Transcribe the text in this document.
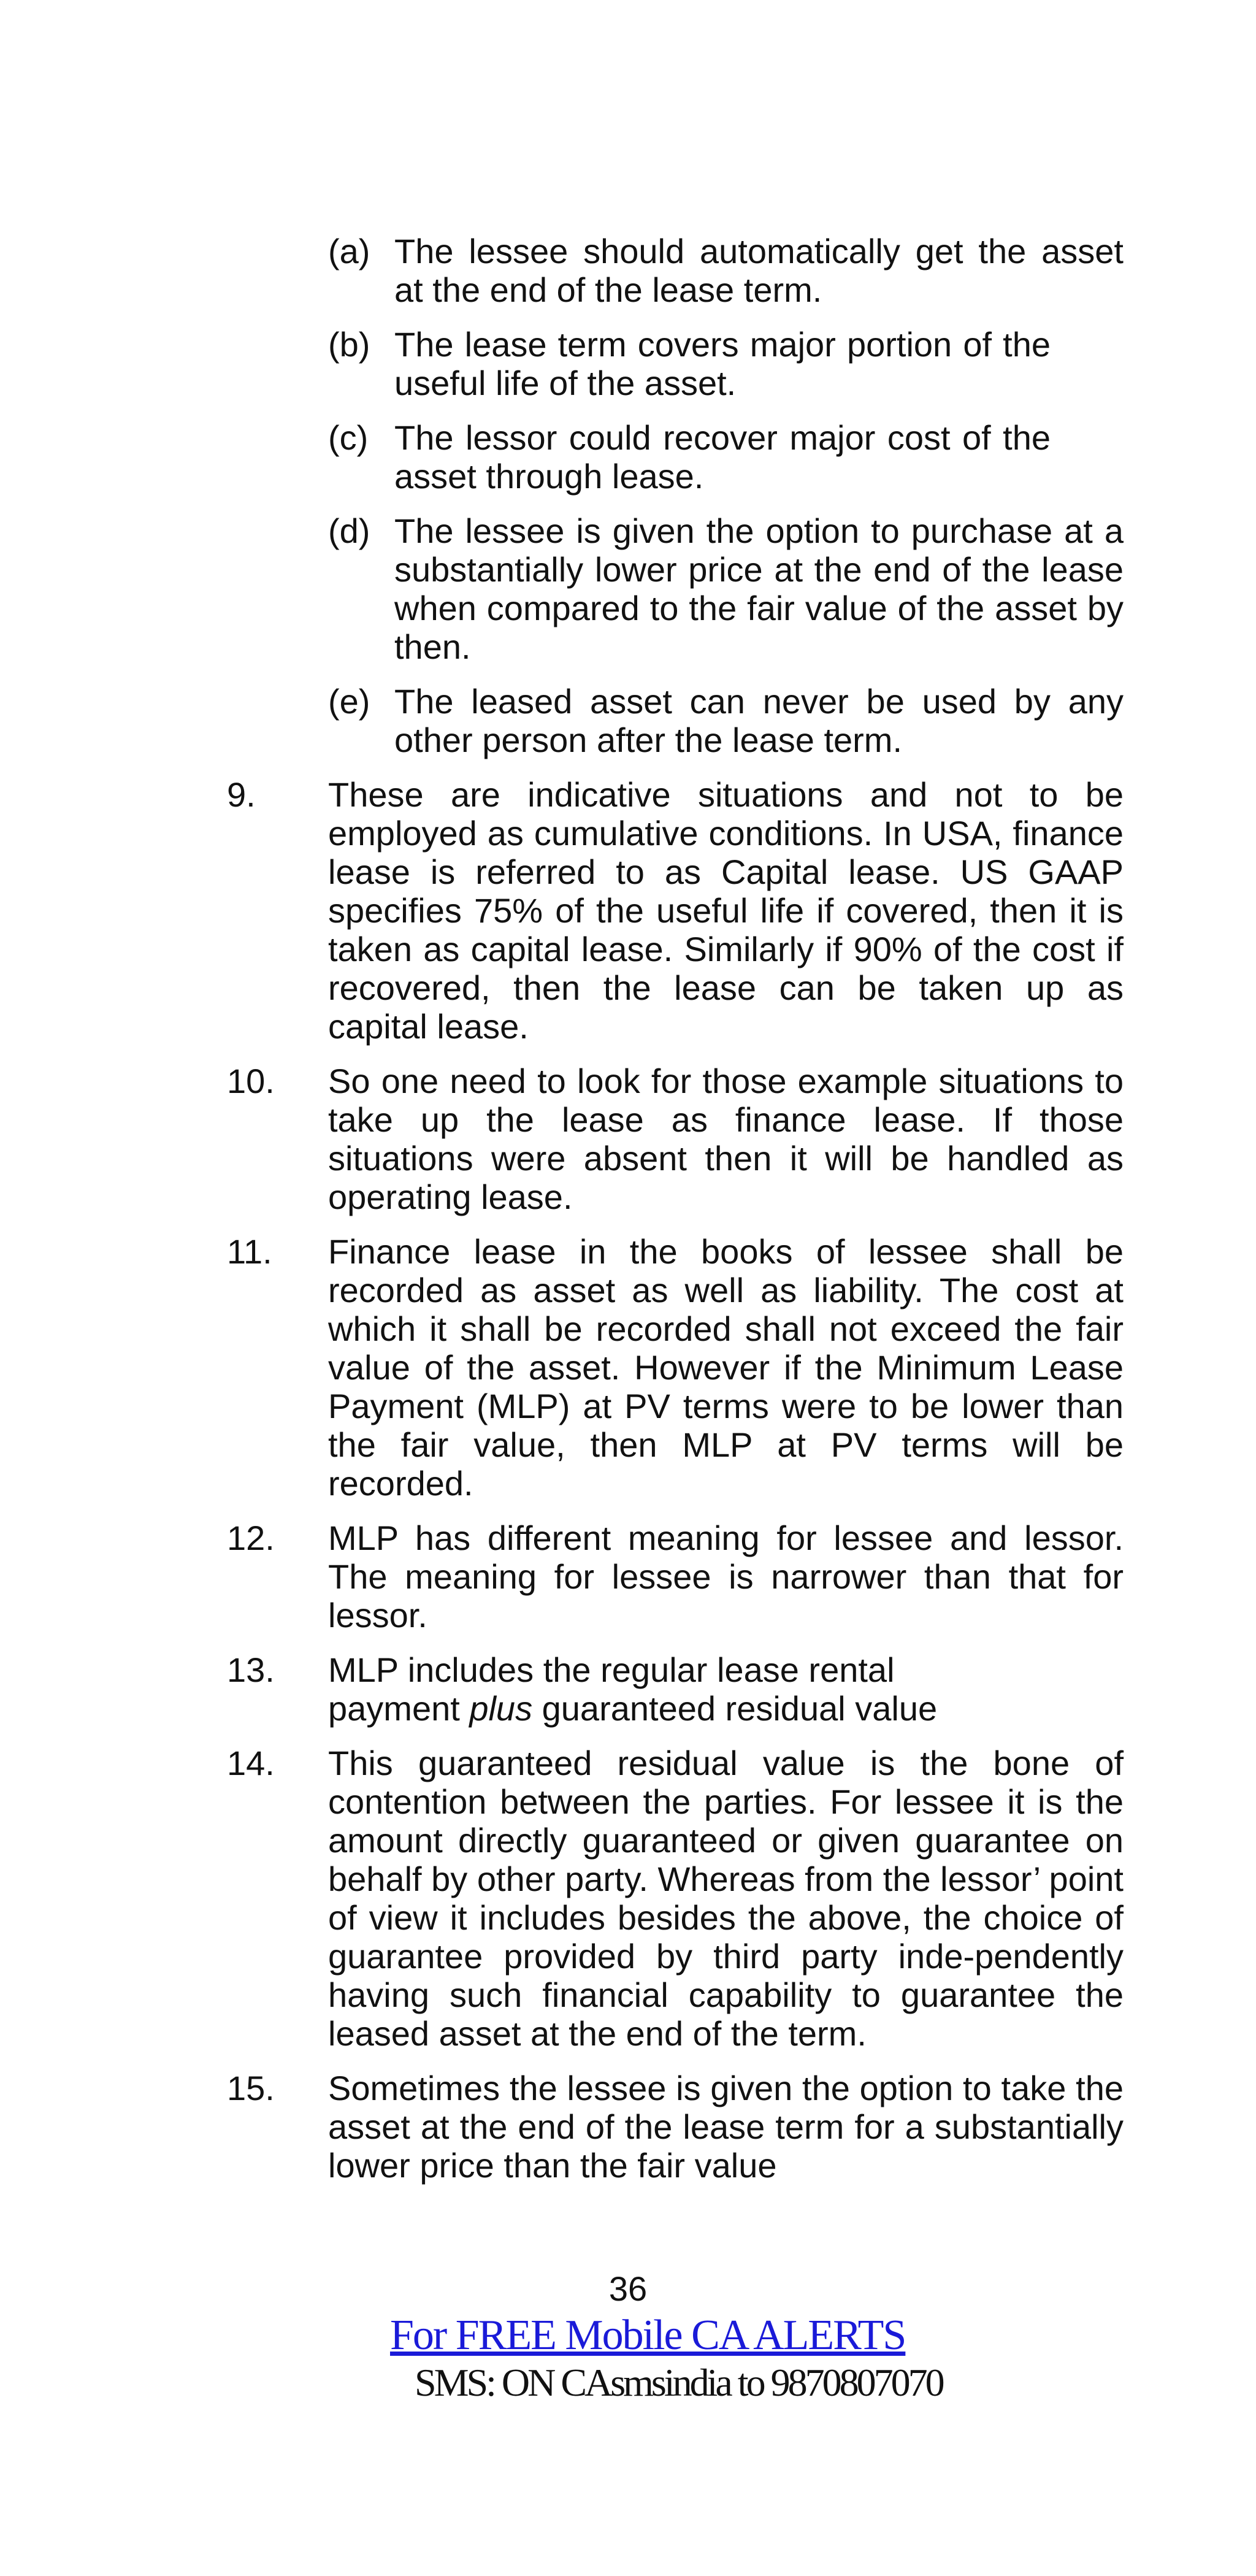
(a) The lessee should automatically get the asset at the end of the lease term.
(b) The lease term covers major portion of the useful life of the asset.
(c) The lessor could recover major cost of the asset through lease.
(d) The lessee is given the option to purchase at a substantially lower price at the end of the lease when compared to the fair value of the asset by then.
(e) The leased asset can never be used by any other person after the lease term.
9.	These are indicative situations and not to be employed as cumulative conditions. In USA, finance lease is referred to as Capital lease. US GAAP specifies 75% of the useful life if covered, then it is taken as capital lease. Similarly if 90% of the cost if recovered, then the lease can be taken up as capital lease.
10.	So one need to look for those example situations to take up the lease as finance lease. If those situations were absent then it will be handled as operating lease.
11.	Finance lease in the books of lessee shall be recorded as asset as well as liability. The cost at which it shall be recorded shall not exceed the fair value of the asset. However if the Minimum Lease Payment (MLP) at PV terms were to be lower than the fair value, then MLP at PV terms will be recorded.
12.	MLP has different meaning for lessee and lessor. The meaning for lessee is narrower than that for lessor.
13.	MLP includes the regular lease rental payment plus guaranteed residual value
14.	This guaranteed residual value is the bone of contention between the parties. For lessee it is the amount directly guaranteed or given guarantee on behalf by other party. Whereas from the lessor’ point of view it includes besides the above, the choice of guarantee provided by third party inde-pendently having such financial capability to guarantee the leased asset at the end of the term.
15.	Sometimes the lessee is given the option to take the asset at the end of the lease term for a substantially lower price than the fair value
36
For FREE Mobile CA ALERTS
SMS: ON CAsmsindia to 9870807070
